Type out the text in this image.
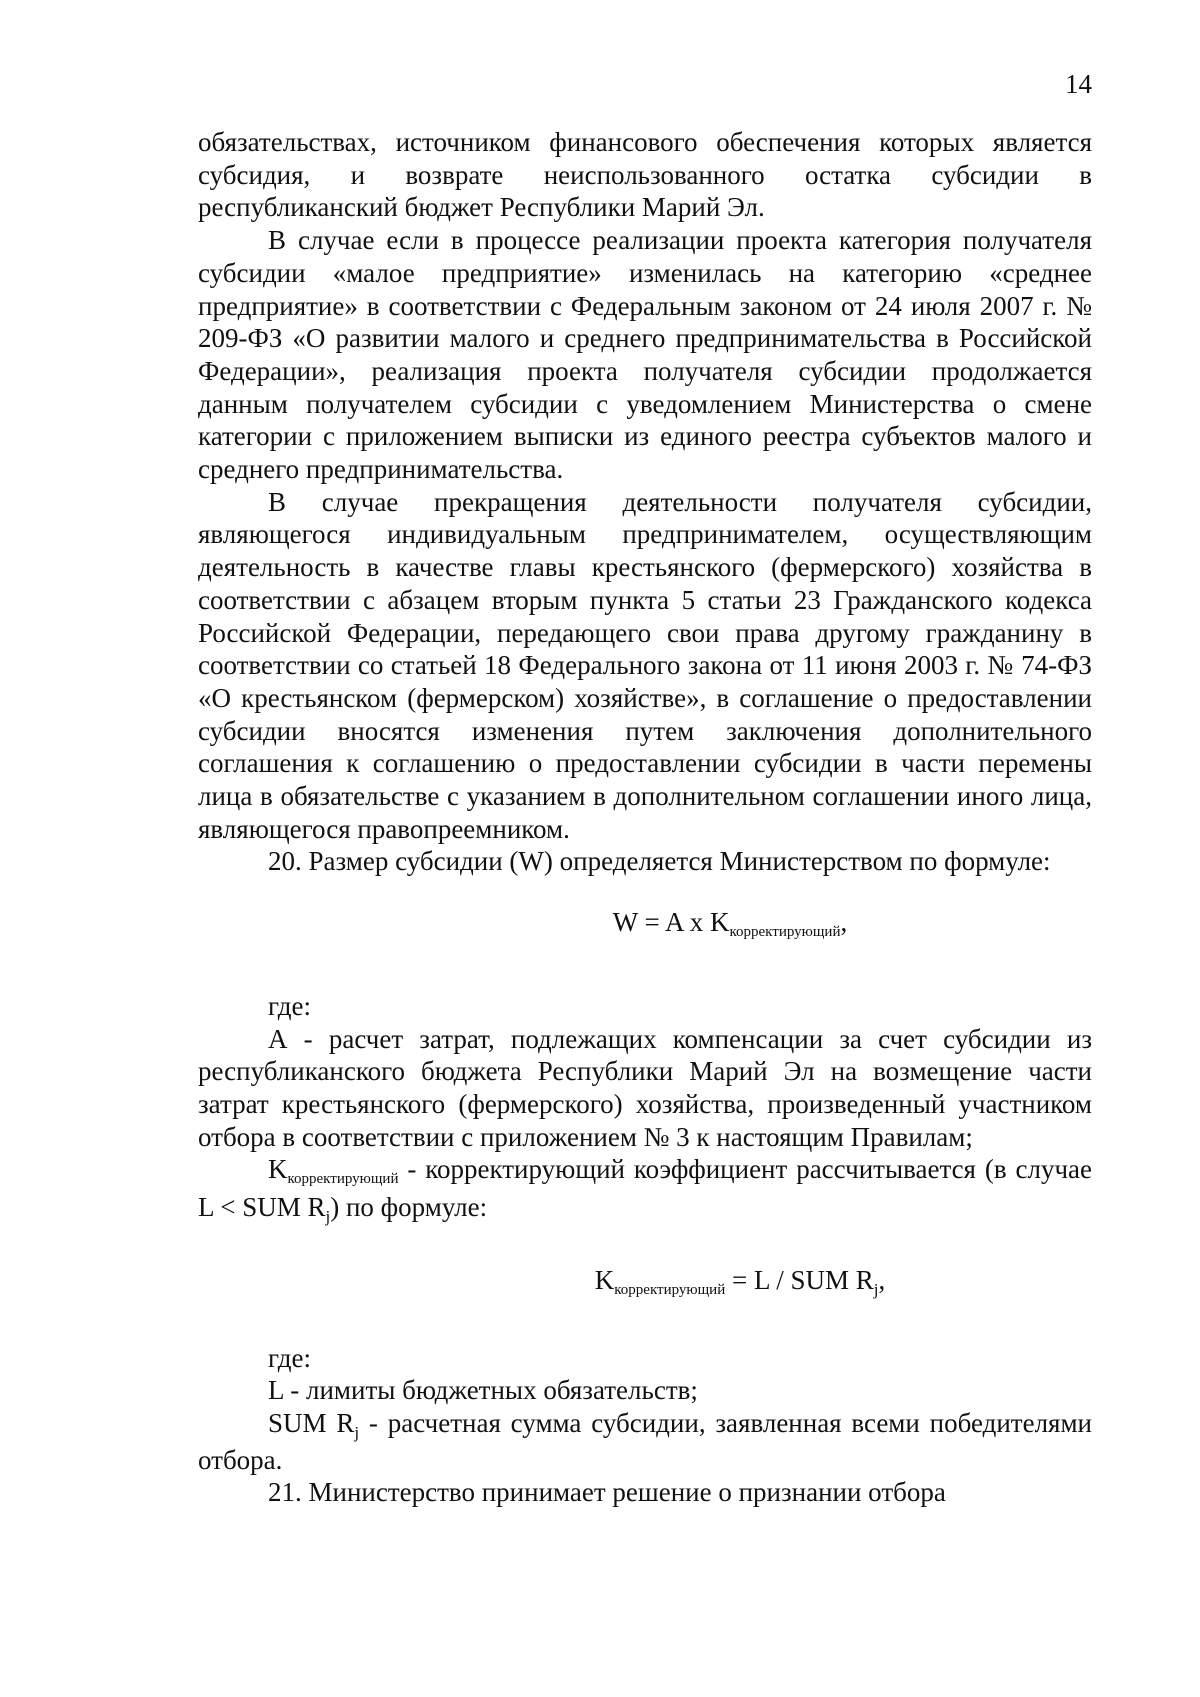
14

обязательствах, источником финансового обеспечения которых является субсидия, и возврате неиспользованного остатка субсидии в республиканский бюджет Республики Марий Эл.

В случае если в процессе реализации проекта категория получателя субсидии «малое предприятие» изменилась на категорию «среднее предприятие» в соответствии с Федеральным законом от 24 июля 2007 г. № 209-ФЗ «О развитии малого и среднего предпринимательства в Российской Федерации», реализация проекта получателя субсидии продолжается данным получателем субсидии с уведомлением Министерства о смене категории с приложением выписки из единого реестра субъектов малого и среднего предпринимательства.

В случае прекращения деятельности получателя субсидии, являющегося индивидуальным предпринимателем, осуществляющим деятельность в качестве главы крестьянского (фермерского) хозяйства в соответствии с абзацем вторым пункта 5 статьи 23 Гражданского кодекса Российской Федерации, передающего свои права другому гражданину в соответствии со статьей 18 Федерального закона от 11 июня 2003 г. № 74-ФЗ «О крестьянском (фермерском) хозяйстве», в соглашение о предоставлении субсидии вносятся изменения путем заключения дополнительного соглашения к соглашению о предоставлении субсидии в части перемены лица в обязательстве с указанием в дополнительном соглашении иного лица, являющегося правопреемником.

20. Размер субсидии (W) определяется Министерством по формуле:

W = A x Kкорректирующий,

где:

А - расчет затрат, подлежащих компенсации за счет субсидии из республиканского бюджета Республики Марий Эл на возмещение части затрат крестьянского (фермерского) хозяйства, произведенный участником отбора в соответствии с приложением № 3 к настоящим Правилам;

Kкорректирующий - корректирующий коэффициент рассчитывается (в случае L < SUM $R_j$) по формуле:

Kкорректирующий = L / SUM $R_j$,

где:

L - лимиты бюджетных обязательств;

SUM $R_j$ - расчетная сумма субсидии, заявленная всеми победителями отбора.

21. Министерство принимает решение о признании отбора
